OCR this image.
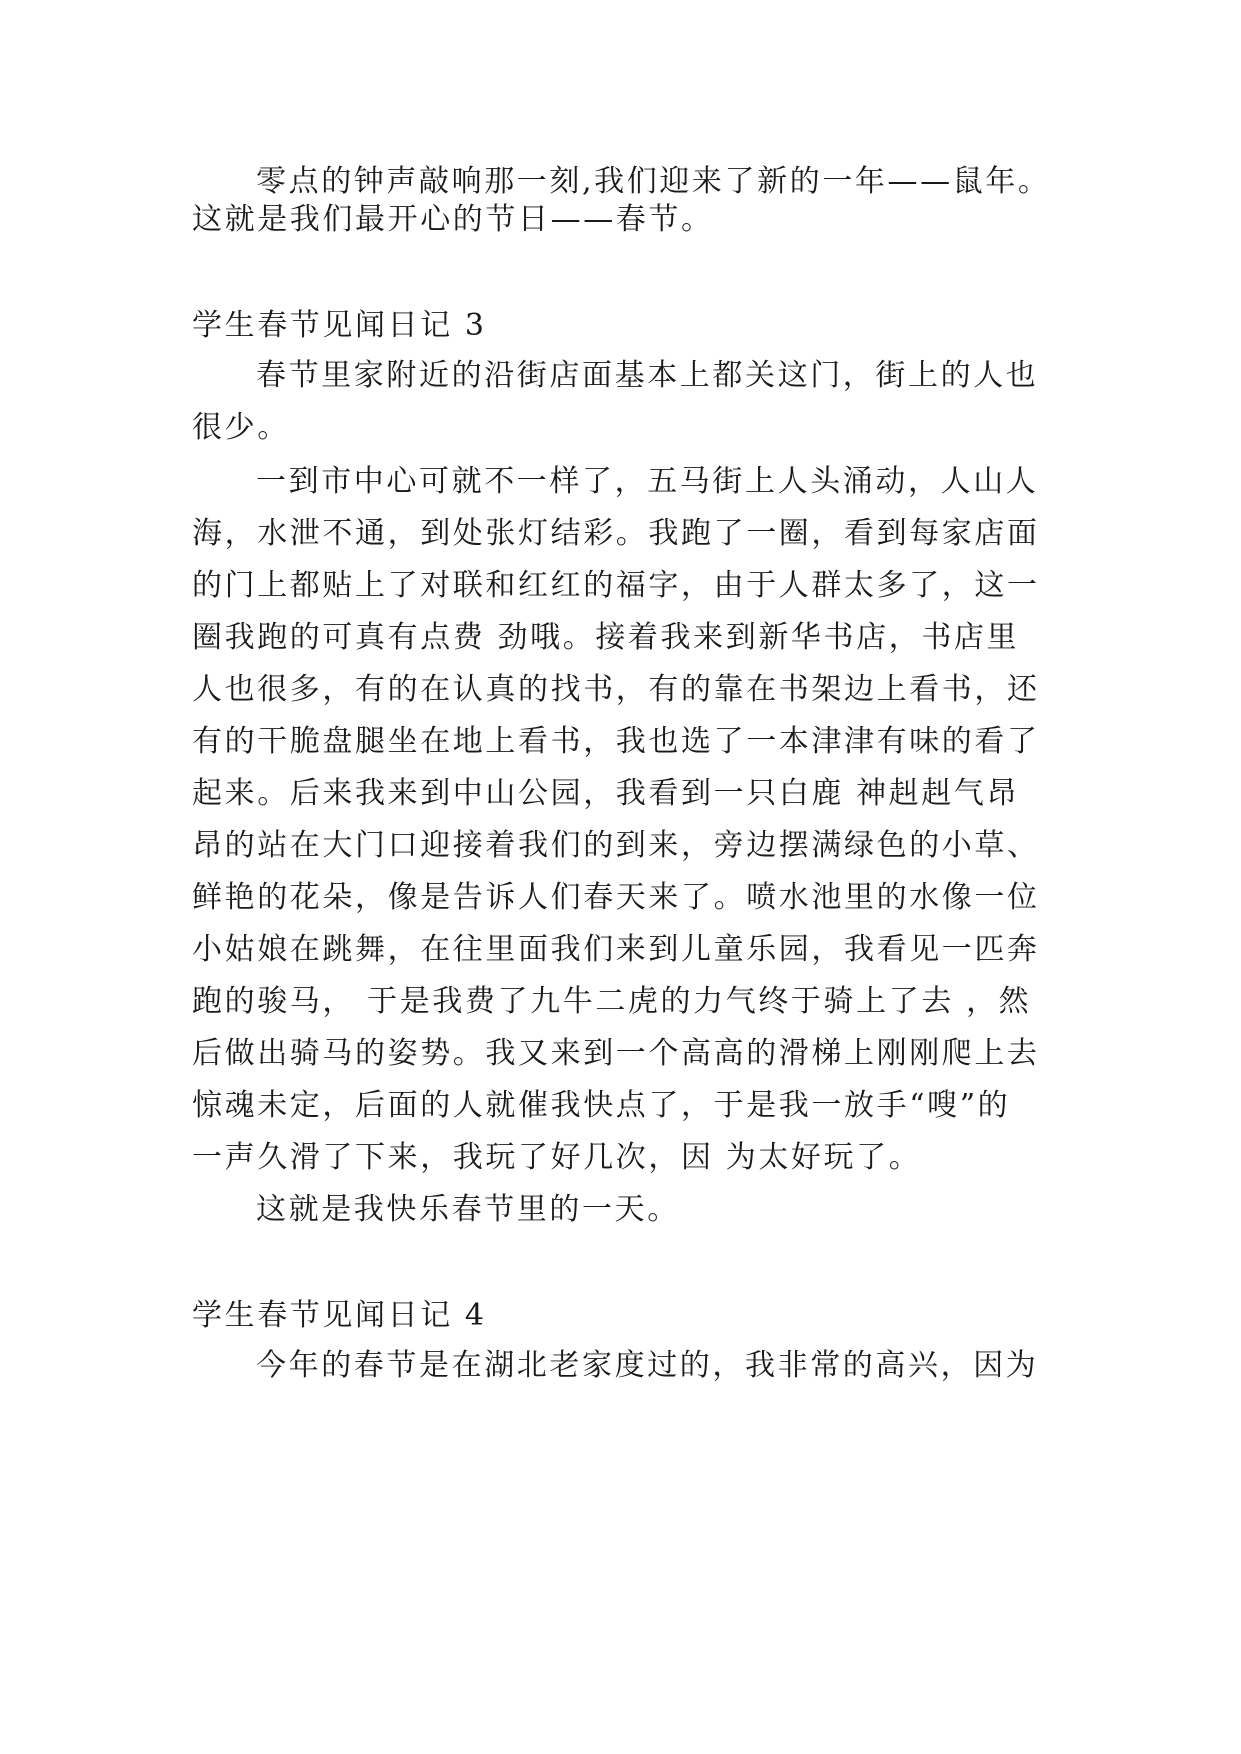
零点的钟声敲响那一刻,我们迎来了新的一年——鼠年。
这就是我们最开心的节日——春节。
学生春节见闻日记 3
春节里家附近的沿街店面基本上都关这门，街上的人也
很少。
一到市中心可就不一样了，五马街上人头涌动，人山人
海，水泄不通，到处张灯结彩。我跑了一圈，看到每家店面
的门上都贴上了对联和红红的福字，由于人群太多了，这一
圈我跑的可真有点费 劲哦。接着我来到新华书店，书店里
人也很多，有的在认真的找书，有的靠在书架边上看书，还
有的干脆盘腿坐在地上看书，我也选了一本津津有味的看了
起来。后来我来到中山公园，我看到一只白鹿 神赳赳气昂
昂的站在大门口迎接着我们的到来，旁边摆满绿色的小草、
鲜艳的花朵，像是告诉人们春天来了。喷水池里的水像一位
小姑娘在跳舞，在往里面我们来到儿童乐园，我看见一匹奔
跑的骏马， 于是我费了九牛二虎的力气终于骑上了去 ，然
后做出骑马的姿势。我又来到一个高高的滑梯上刚刚爬上去
惊魂未定，后面的人就催我快点了，于是我一放手“嗖”的
一声久滑了下来，我玩了好几次，因 为太好玩了。
这就是我快乐春节里的一天。
学生春节见闻日记 4
今年的春节是在湖北老家度过的，我非常的高兴，因为
